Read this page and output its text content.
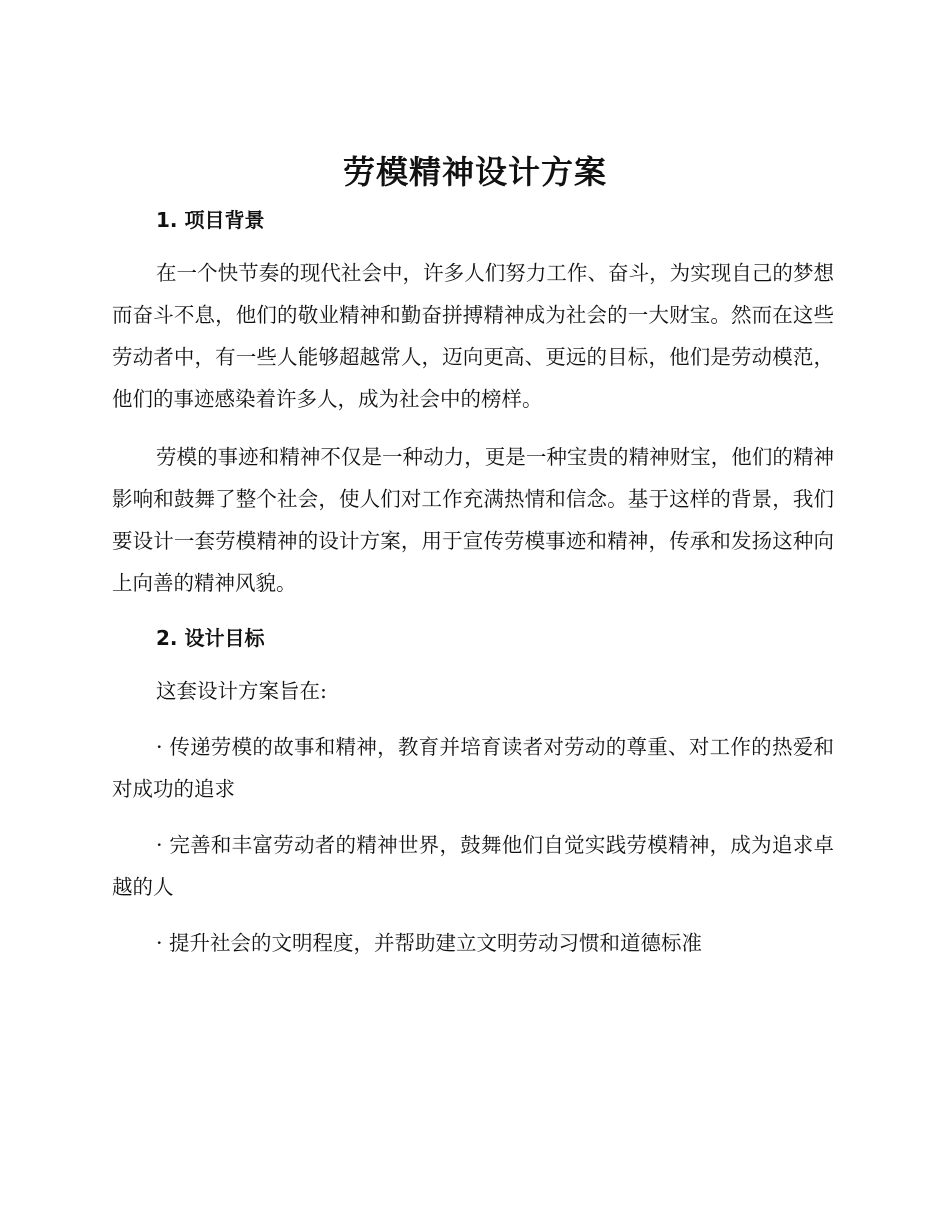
劳模精神设计方案
1. 项目背景

在一个快节奏的现代社会中，许多人们努力工作、奋斗，为实现自己的梦想而奋斗不息，他们的敬业精神和勤奋拼搏精神成为社会的一大财宝。然而在这些劳动者中，有一些人能够超越常人，迈向更高、更远的目标，他们是劳动模范，他们的事迹感染着许多人，成为社会中的榜样。

劳模的事迹和精神不仅是一种动力，更是一种宝贵的精神财宝，他们的精神影响和鼓舞了整个社会，使人们对工作充满热情和信念。基于这样的背景，我们要设计一套劳模精神的设计方案，用于宣传劳模事迹和精神，传承和发扬这种向上向善的精神风貌。

2. 设计目标

这套设计方案旨在:

· 传递劳模的故事和精神，教育并培育读者对劳动的尊重、对工作的热爱和对成功的追求

· 完善和丰富劳动者的精神世界，鼓舞他们自觉实践劳模精神，成为追求卓越的人

· 提升社会的文明程度，并帮助建立文明劳动习惯和道德标准
